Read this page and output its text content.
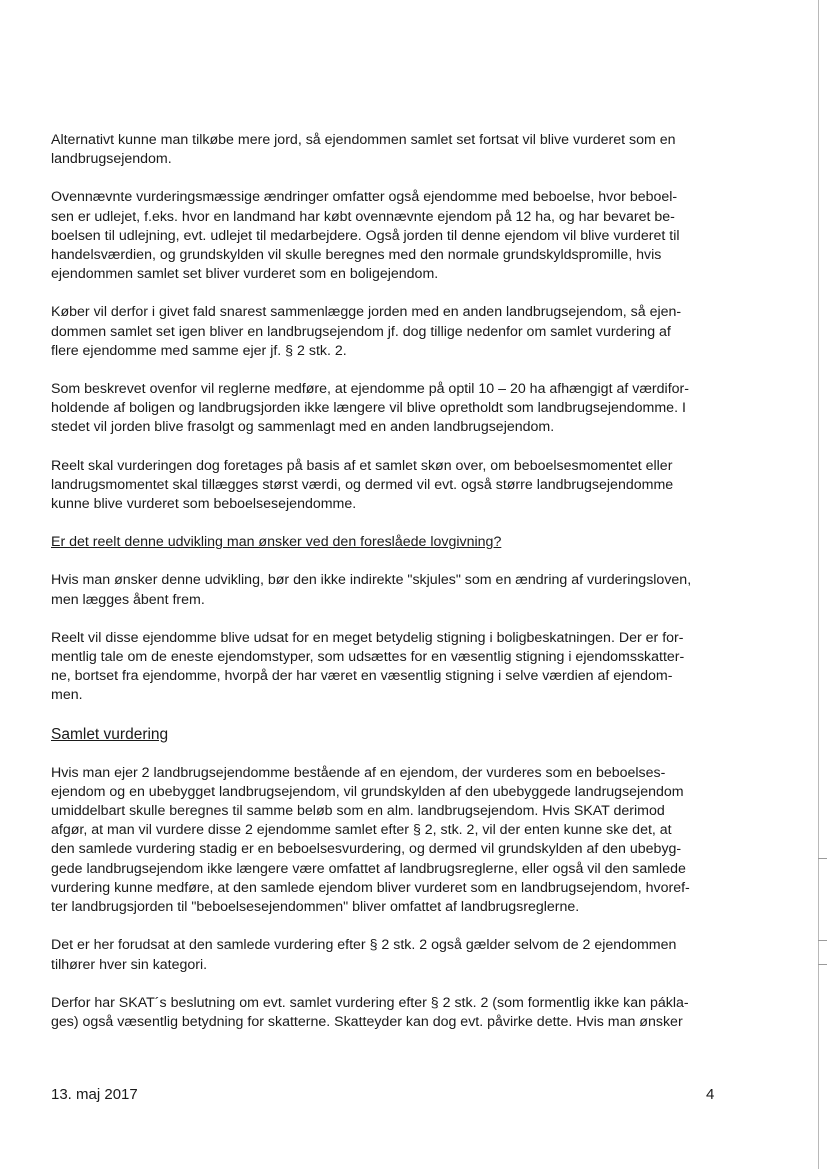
Alternativt kunne man tilkøbe mere jord, så ejendommen samlet set fortsat vil blive vurderet som en
landbrugsejendom.

Ovennævnte vurderingsmæssige ændringer omfatter også ejendomme med beboelse, hvor beboel-
sen er udlejet, f.eks. hvor en landmand har købt ovennævnte ejendom på 12 ha, og har bevaret be-
boelsen til udlejning, evt. udlejet til medarbejdere. Også jorden til denne ejendom vil blive vurderet til
handelsværdien, og grundskylden vil skulle beregnes med den normale grundskyldspromille, hvis
ejendommen samlet set bliver vurderet som en boligejendom.

Køber vil derfor i givet fald snarest sammenlægge jorden med en anden landbrugsejendom, så ejen-
dommen samlet set igen bliver en landbrugsejendom jf. dog tillige nedenfor om samlet vurdering af
flere ejendomme med samme ejer jf. § 2 stk. 2.

Som beskrevet ovenfor vil reglerne medføre, at ejendomme på optil 10 – 20 ha afhængigt af værdifor-
holdende af boligen og landbrugsjorden ikke længere vil blive opretholdt som landbrugsejendomme. I
stedet vil jorden blive frasolgt og sammenlagt med en anden landbrugsejendom.

Reelt skal vurderingen dog foretages på basis af et samlet skøn over, om beboelsesmomentet eller
landrugsmomentet skal tillægges størst værdi, og dermed vil evt. også større landbrugsejendomme
kunne blive vurderet som beboelsesejendomme.

Er det reelt denne udvikling man ønsker ved den foreslåede lovgivning?

Hvis man ønsker denne udvikling, bør den ikke indirekte "skjules" som en ændring af vurderingsloven,
men lægges åbent frem.

Reelt vil disse ejendomme blive udsat for en meget betydelig stigning i boligbeskatningen. Der er for-
mentlig tale om de eneste ejendomstyper, som udsættes for en væsentlig stigning i ejendomsskatter-
ne, bortset fra ejendomme, hvorpå der har været en væsentlig stigning i selve værdien af ejendom-
men.

Samlet vurdering

Hvis man ejer 2 landbrugsejendomme bestående af en ejendom, der vurderes som en beboelses-
ejendom og en ubebygget landbrugsejendom, vil grundskylden af den ubebyggede landrugsejendom
umiddelbart skulle beregnes til samme beløb som en alm. landbrugsejendom. Hvis SKAT derimod
afgør, at man vil vurdere disse 2 ejendomme samlet efter § 2, stk. 2, vil der enten kunne ske det, at
den samlede vurdering stadig er en beboelsesvurdering, og dermed vil grundskylden af den ubebyg-
gede landbrugsejendom ikke længere være omfattet af landbrugsreglerne, eller også vil den samlede
vurdering kunne medføre, at den samlede ejendom bliver vurderet som en landbrugsejendom, hvoref-
ter landbrugsjorden til "beboelsesejendommen" bliver omfattet af landbrugsreglerne.

Det er her forudsat at den samlede vurdering efter § 2 stk. 2 også gælder selvom de 2 ejendommen
tilhører hver sin kategori.

Derfor har SKAT´s beslutning om evt. samlet vurdering efter § 2 stk. 2 (som formentlig ikke kan pákla-
ges) også væsentlig betydning for skatterne. Skatteyder kan dog evt. påvirke dette. Hvis man ønsker

13. maj 2017	4
